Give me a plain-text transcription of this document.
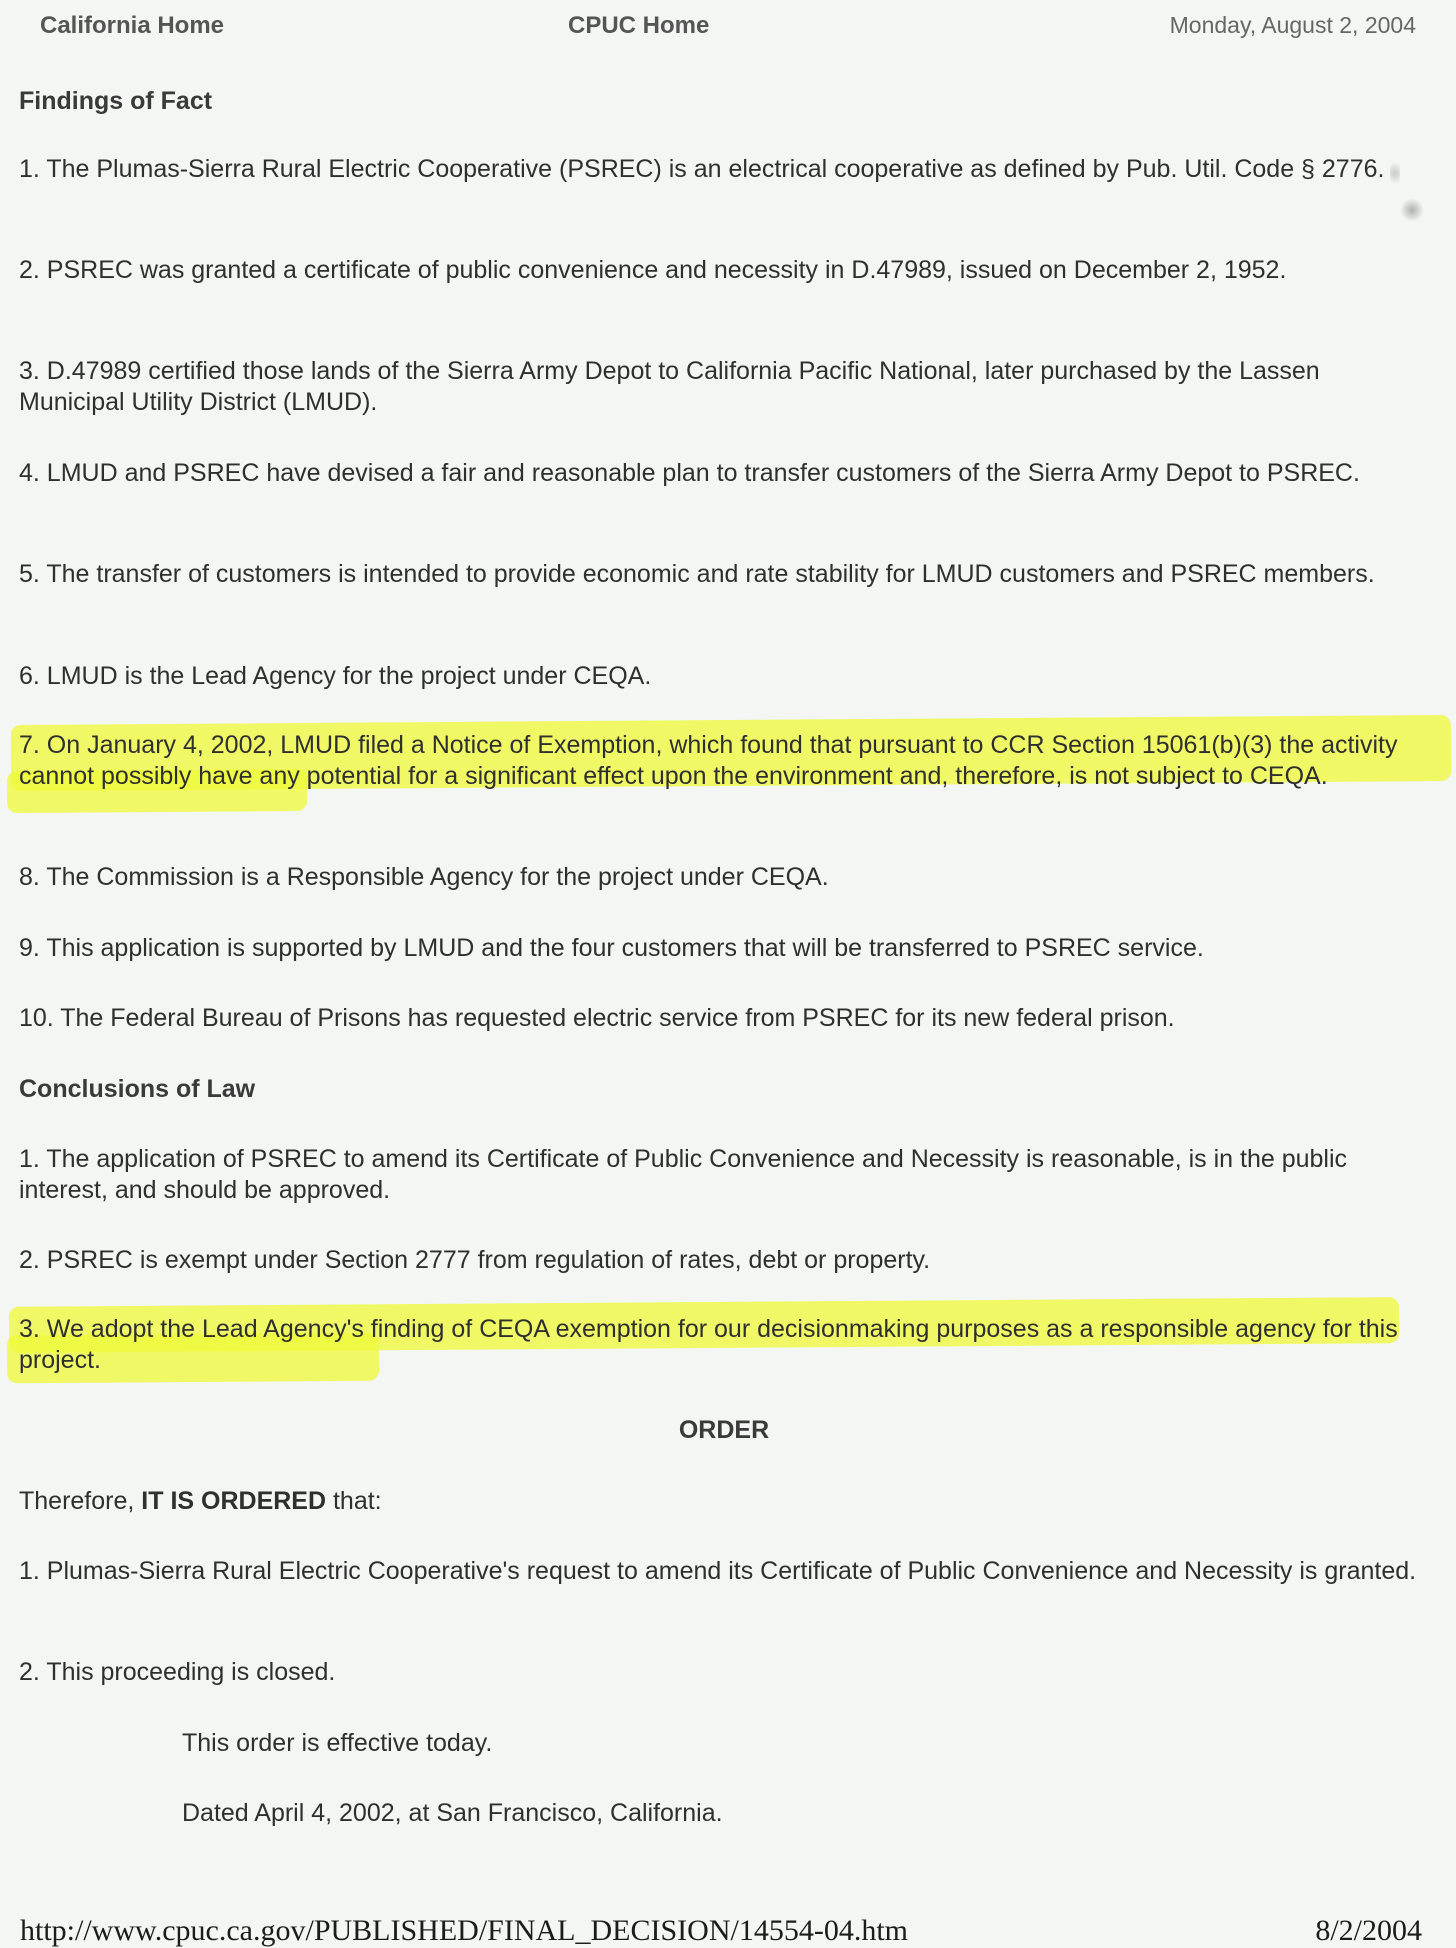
California Home	CPUC Home	Monday, August 2, 2004
Findings of Fact
1. The Plumas-Sierra Rural Electric Cooperative (PSREC) is an electrical cooperative as defined by Pub. Util. Code § 2776.
2. PSREC was granted a certificate of public convenience and necessity in D.47989, issued on December 2, 1952.
3. D.47989 certified those lands of the Sierra Army Depot to California Pacific National, later purchased by the Lassen Municipal Utility District (LMUD).
4. LMUD and PSREC have devised a fair and reasonable plan to transfer customers of the Sierra Army Depot to PSREC.
5. The transfer of customers is intended to provide economic and rate stability for LMUD customers and PSREC members.
6. LMUD is the Lead Agency for the project under CEQA.
7. On January 4, 2002, LMUD filed a Notice of Exemption, which found that pursuant to CCR Section 15061(b)(3) the activity cannot possibly have any potential for a significant effect upon the environment and, therefore, is not subject to CEQA.
8. The Commission is a Responsible Agency for the project under CEQA.
9. This application is supported by LMUD and the four customers that will be transferred to PSREC service.
10. The Federal Bureau of Prisons has requested electric service from PSREC for its new federal prison.
Conclusions of Law
1. The application of PSREC to amend its Certificate of Public Convenience and Necessity is reasonable, is in the public interest, and should be approved.
2. PSREC is exempt under Section 2777 from regulation of rates, debt or property.
3. We adopt the Lead Agency's finding of CEQA exemption for our decisionmaking purposes as a responsible agency for this project.
ORDER
Therefore, IT IS ORDERED that:
1. Plumas-Sierra Rural Electric Cooperative's request to amend its Certificate of Public Convenience and Necessity is granted.
2. This proceeding is closed.
This order is effective today.
Dated April 4, 2002, at San Francisco, California.
http://www.cpuc.ca.gov/PUBLISHED/FINAL_DECISION/14554-04.htm	8/2/2004
